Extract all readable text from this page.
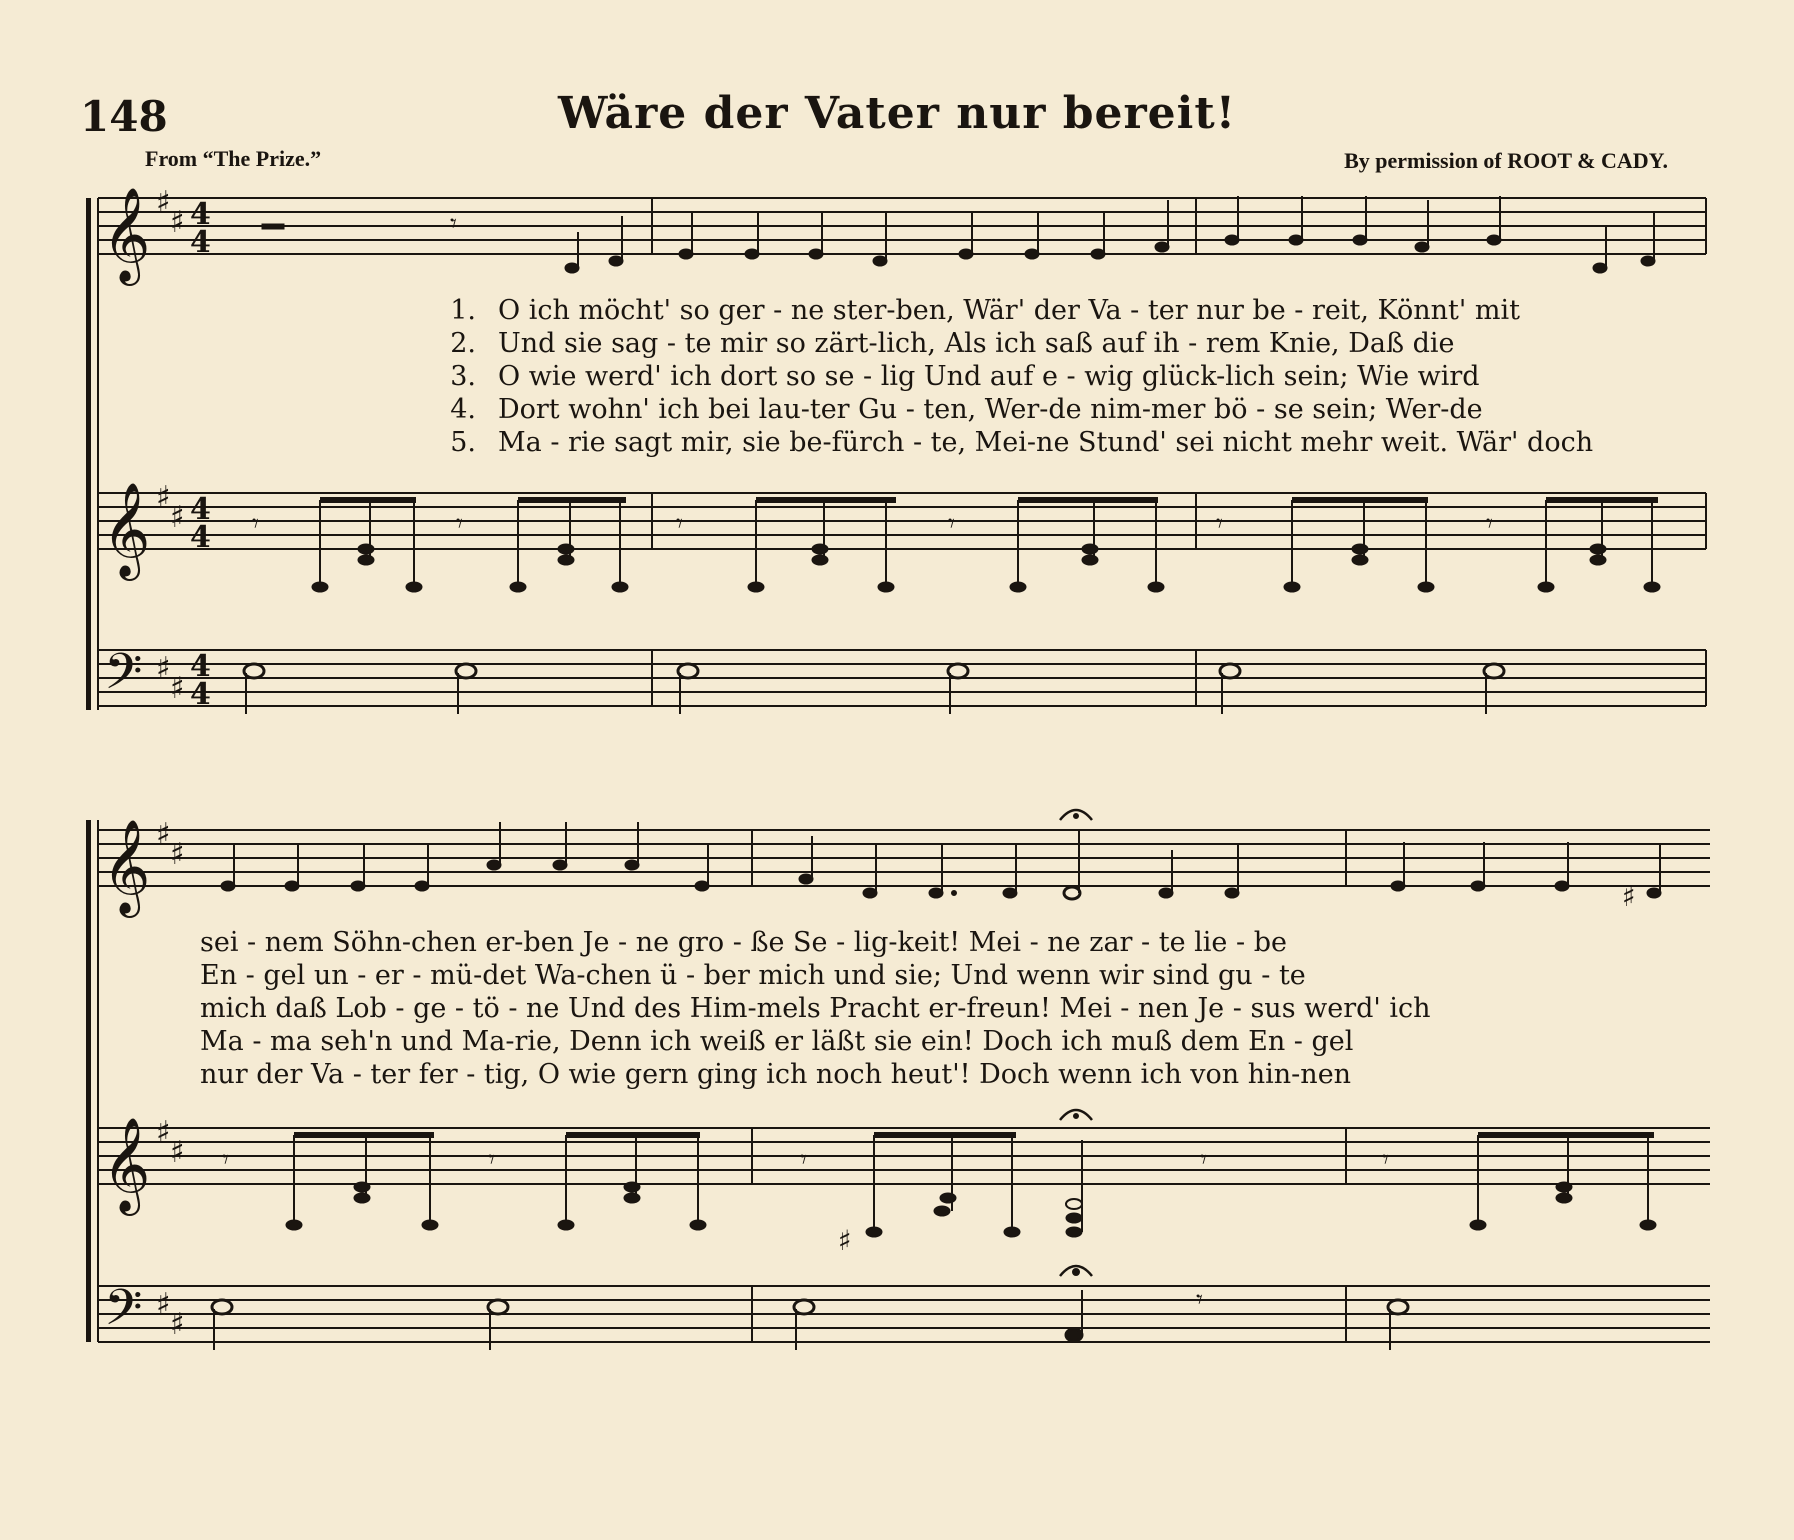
148	Wäre der Vater nur bereit!
From “The Prize.”	By permission of ROOT & CADY.
𝄞
𝄞
𝄢
♯
♯
♯
♯
♯
♯
4
4
4
4
4
4
𝄾
𝄾	𝄾	𝄾	𝄾	𝄾	𝄾
1. O ich möcht' so ger - ne ster-ben, Wär' der Va - ter nur be - reit, Könnt' mit
2. Und sie sag - te mir so zärt-lich, Als ich saß auf ih - rem Knie, Daß die
3. O wie werd' ich dort so se - lig Und auf e - wig glück-lich sein; Wie wird
4. Dort wohn' ich bei lau-ter Gu - ten, Wer-de nim-mer bö - se sein; Wer-de
5. Ma - rie sagt mir, sie be-fürch - te, Mei-ne Stund' sei nicht mehr weit. Wär' doch
𝄞
𝄞
𝄢
♯
♯
♯
♯
♯
♯
♯
𝄾	𝄾	𝄾
♯
𝄾	𝄾
𝄾
sei - nem Söhn-chen er-ben Je - ne gro - ße Se - lig-keit! Mei - ne zar - te lie - be
En - gel un - er - mü-det Wa-chen ü - ber mich und sie; Und wenn wir sind gu - te
mich daß Lob - ge - tö - ne Und des Him-mels Pracht er-freun! Mei - nen Je - sus werd' ich
Ma - ma seh'n und Ma-rie, Denn ich weiß er läßt sie ein! Doch ich muß dem En - gel
nur der Va - ter fer - tig, O wie gern ging ich noch heut'! Doch wenn ich von hin-nen
